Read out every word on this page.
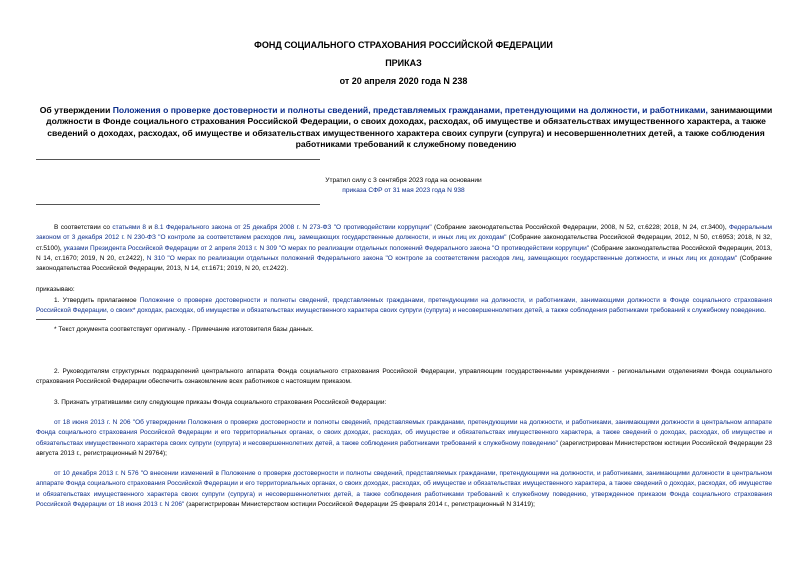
ФОНД СОЦИАЛЬНОГО СТРАХОВАНИЯ РОССИЙСКОЙ ФЕДЕРАЦИИ
ПРИКАЗ
от 20 апреля 2020 года N 238
Об утверждении Положения о проверке достоверности и полноты сведений, представляемых гражданами, претендующими на должности, и работниками, занимающими должности в Фонде социального страхования Российской Федерации, о своих доходах, расходах, об имуществе и обязательствах имущественного характера, а также сведений о доходах, расходах, об имуществе и обязательствах имущественного характера своих супруги (супруга) и несовершеннолетних детей, а также соблюдения работниками требований к служебному поведению
Утратил силу с 3 сентября 2023 года на основании
приказа СФР от 31 мая 2023 года N 938
В соответствии со статьями 8 и 8.1 Федерального закона от 25 декабря 2008 г. N 273-ФЗ "О противодействии коррупции" (Собрание законодательства Российской Федерации, 2008, N 52, ст.6228; 2018, N 24, ст.3400), Федеральным законом от 3 декабря 2012 г. N 230-ФЗ "О контроле за соответствием расходов лиц, замещающих государственные должности, и иных лиц их доходам" (Собрание законодательства Российской Федерации, 2012, N 50, ст.6953; 2018, N 32, ст.5100), указами Президента Российской Федерации от 2 апреля 2013 г. N 309 "О мерах по реализации отдельных положений Федерального закона "О противодействии коррупции" (Собрание законодательства Российской Федерации, 2013, N 14, ст.1670; 2019, N 20, ст.2422), N 310 "О мерах по реализации отдельных положений Федерального закона "О контроле за соответствием расходов лиц, замещающих государственные должности, и иных лиц их доходам" (Собрание законодательства Российской Федерации, 2013, N 14, ст.1671; 2019, N 20, ст.2422).
приказываю:
1. Утвердить прилагаемое Положение о проверке достоверности и полноты сведений, представляемых гражданами, претендующими на должности, и работниками, занимающими должности в Фонде социального страхования Российской Федерации, о своих* доходах, расходах, об имуществе и обязательствах имущественного характера своих супруги (супруга) и несовершеннолетних детей, а также соблюдения работниками требований к служебному поведению.
* Текст документа соответствует оригиналу. - Примечание изготовителя базы данных.
2. Руководителям структурных подразделений центрального аппарата Фонда социального страхования Российской Федерации, управляющим государственными учреждениями - региональными отделениями Фонда социального страхования Российской Федерации обеспечить ознакомление всех работников с настоящим приказом.
3. Признать утратившими силу следующие приказы Фонда социального страхования Российской Федерации:
от 18 июня 2013 г. N 206 "Об утверждении Положения о проверке достоверности и полноты сведений, представляемых гражданами, претендующими на должности, и работниками, занимающими должности в центральном аппарате Фонда социального страхования Российской Федерации и его территориальных органах, о своих доходах, расходах, об имуществе и обязательствах имущественного характера, а также сведений о доходах, расходах, об имуществе и обязательствах имущественного характера своих супруги (супруга) и несовершеннолетних детей, а также соблюдения работниками требований к служебному поведению" (зарегистрирован Министерством юстиции Российской Федерации 23 августа 2013 г., регистрационный N 29764);
от 10 декабря 2013 г. N 576 "О внесении изменений в Положение о проверке достоверности и полноты сведений, представляемых гражданами, претендующими на должности, и работниками, занимающими должности в центральном аппарате Фонда социального страхования Российской Федерации и его территориальных органах, о своих доходах, расходах, об имуществе и обязательствах имущественного характера, а также сведений о доходах, расходах, об имуществе и обязательствах имущественного характера своих супруги (супруга) и несовершеннолетних детей, а также соблюдения работниками требований к служебному поведению, утвержденное приказом Фонда социального страхования Российской Федерации от 18 июня 2013 г. N 206" (зарегистрирован Министерством юстиции Российской Федерации 25 февраля 2014 г., регистрационный N 31419);
